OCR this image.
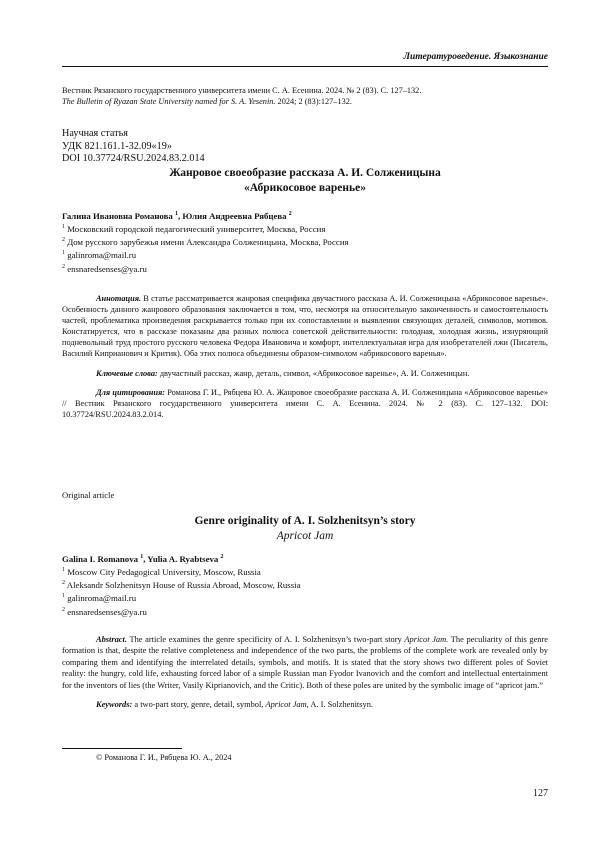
Литературоведение. Языкознание
Вестник Рязанского государственного университета имени С. А. Есенина. 2024. № 2 (83). С. 127–132.
The Bulletin of Ryazan State University named for S. A. Yesenin. 2024; 2 (83):127–132.
Научная статья
УДК 821.161.1-32.09«19»
DOI 10.37724/RSU.2024.83.2.014
Жанровое своеобразие рассказа А. И. Солженицына
«Абрикосовое варенье»
Галина Ивановна Романова $^1$, Юлия Андреевна Рябцева $^2$
$^1$ Московский городской педагогический университет, Москва, Россия
$^2$ Дом русского зарубежья имени Александра Солженицына, Москва, Россия
$^1$ galinroma@mail.ru
$^2$ ensnaredsenses@ya.ru

Аннотация. В статье рассматривается жанровая специфика двучастного рассказа А. И. Солженицына «Абрикосовое варенье». Особенность данного жанрового образования заключается в том, что, несмотря на относительную законченность и самостоятельность частей, проблематика произведения раскрывается только при их сопоставлении и выявлении связующих деталей, символов, мотивов. Констатируется, что в рассказе показаны два разных полюса советской действительности: голодная, холодная жизнь, изнуряющий подневольный труд простого русского человека Федора Ивановича и комфорт, интеллектуальная игра для изобретателей лжи (Писатель, Василий Киприанович и Критик). Оба этих полюса объединены образом-символом «абрикосового варенья».

Ключевые слова: двучастный рассказ, жанр, деталь, символ, «Абрикосовое варенье», А. И. Солженицын.

Для цитирования: Романова Г. И., Рябцева Ю. А. Жанровое своеобразие рассказа А. И. Солженицына «Абрикосовое варенье» // Вестник Рязанского государственного университета имени С. А. Есенина. 2024. № 2 (83). С. 127–132. DOI: 10.37724/RSU.2024.83.2.014.

Original article
Genre originality of A. I. Solzhenitsyn’s story
Apricot Jam
Galina I. Romanova $^1$, Yulia A. Ryabtseva $^2$
$^1$ Moscow City Pedagogical University, Moscow, Russia
$^2$ Aleksandr Solzhenitsyn House of Russia Abroad, Moscow, Russia
$^1$ galinroma@mail.ru
$^2$ ensnaredsenses@ya.ru

Abstract. The article examines the genre specificity of A. I. Solzhenitsyn’s two-part story Apricot Jam. The peculiarity of this genre formation is that, despite the relative completeness and independence of the two parts, the problems of the complete work are revealed only by comparing them and identifying the interrelated details, symbols, and motifs. It is stated that the story shows two different poles of Soviet reality: the hungry, cold life, exhausting forced labor of a simple Russian man Fyodor Ivanovich and the comfort and intellectual entertainment for the inventors of lies (the Writer, Vasily Kiprianovich, and the Critic). Both of these poles are united by the symbolic image of “apricot jam.”

Keywords: a two-part story, genre, detail, symbol, Apricot Jam, A. I. Solzhenitsyn.

© Романова Г. И., Рябцева Ю. А., 2024
127
